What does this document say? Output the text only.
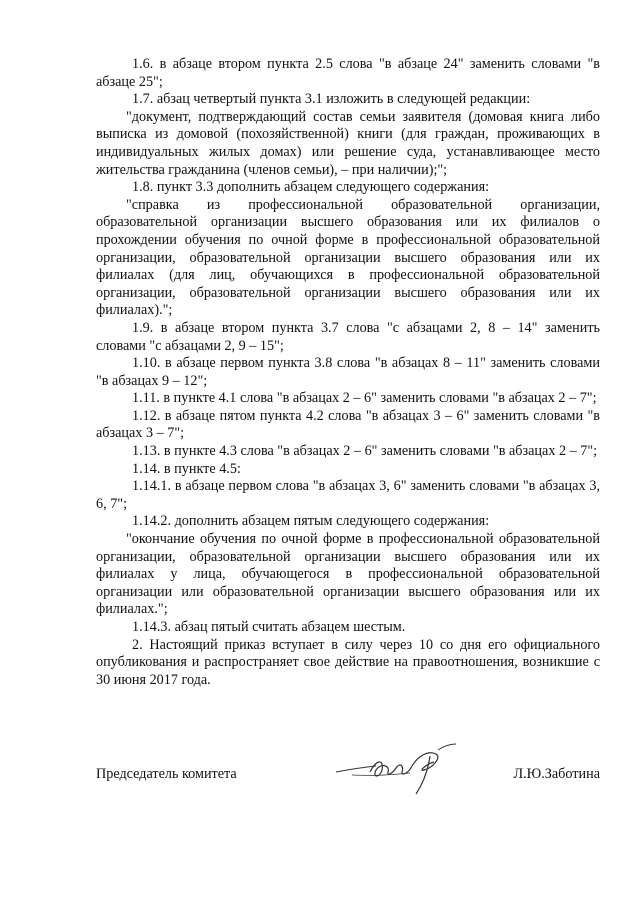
1.6. в абзаце втором пункта 2.5 слова "в абзаце 24" заменить словами "в абзаце 25";

1.7. абзац четвертый пункта 3.1 изложить в следующей редакции:

"документ, подтверждающий состав семьи заявителя (домовая книга либо выписка из домовой (похозяйственной) книги (для граждан, проживающих в индивидуальных жилых домах) или решение суда, устанавливающее место жительства гражданина (членов семьи), – при наличии);";

1.8. пункт 3.3 дополнить абзацем следующего содержания:

"справка из профессиональной образовательной организации, образовательной организации высшего образования или их филиалов о прохождении обучения по очной форме в профессиональной образовательной организации, образовательной организации высшего образования или их филиалах (для лиц, обучающихся в профессиональной образовательной организации, образовательной организации высшего образования или их филиалах).";

1.9. в абзаце втором пункта 3.7 слова "с абзацами 2, 8 – 14" заменить словами "с абзацами 2, 9 – 15";

1.10. в абзаце первом пункта 3.8 слова "в абзацах 8 – 11" заменить словами "в абзацах 9 – 12";

1.11. в пункте 4.1 слова "в абзацах 2 – 6" заменить словами "в абзацах 2 – 7";

1.12. в абзаце пятом пункта 4.2 слова "в абзацах 3 – 6" заменить словами "в абзацах 3 – 7";

1.13. в пункте 4.3 слова "в абзацах 2 – 6" заменить словами "в абзацах 2 – 7";

1.14. в пункте 4.5:

1.14.1. в абзаце первом слова "в абзацах 3, 6" заменить словами "в абзацах 3, 6, 7";

1.14.2. дополнить абзацем пятым следующего содержания:

"окончание обучения по очной форме в профессиональной образовательной организации, образовательной организации высшего образования или их филиалах у лица, обучающегося в профессиональной образовательной организации или образовательной организации высшего образования или их филиалах.";

1.14.3. абзац пятый считать абзацем шестым.

2. Настоящий приказ вступает в силу через 10 со дня его официального опубликования и распространяет свое действие на правоотношения, возникшие с 30 июня 2017 года.

Председатель комитета	Л.Ю.Заботина
